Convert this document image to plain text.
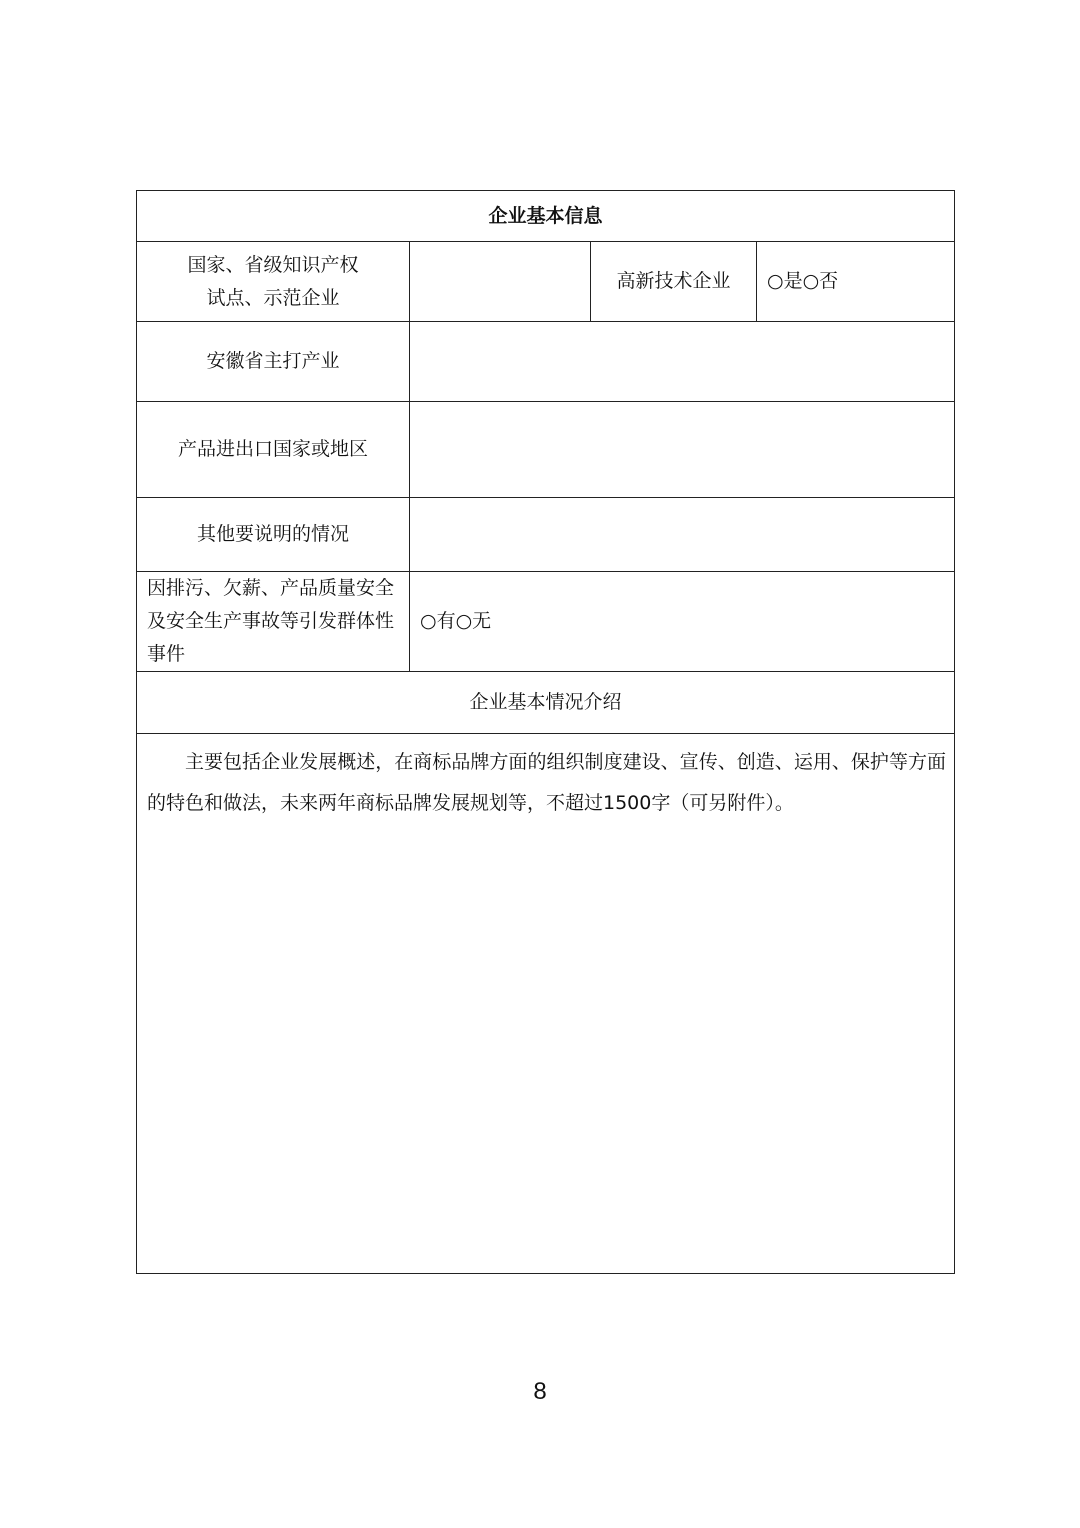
企业基本信息			

国家、省级知识产权
试点、示范企业		高新技术企业	○是○否
安徽省主打产业			
产品进出口国家或地区			
其他要说明的情况			
因排污、欠薪、产品质量安全及安全生产事故等引发群体性事件	○有○无		
企业基本情况介绍			
主要包括企业发展概述，在商标品牌方面的组织制度建设、宣传、创造、运用、保护等方面的特色和做法，未来两年商标品牌发展规划等，不超过1500字（可另附件）。			
8
